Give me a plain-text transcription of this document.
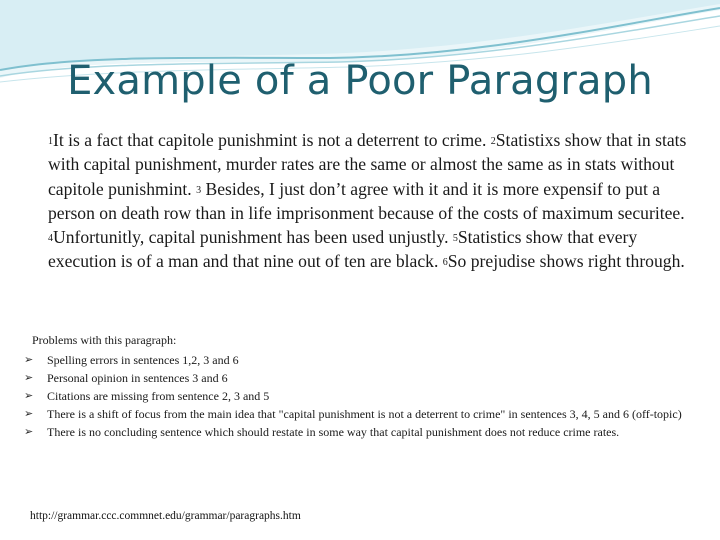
Example of a Poor Paragraph
$^1$It is a fact that capitole punishmint is not a deterrent to crime. $^2$Statistixs show that in stats with capital punishment, murder rates are the same or almost the same as in stats without capitole punishmint. $^3$ Besides, I just don’t agree with it and it is more expensif to put a person on death row than in life imprisonment because of the costs of maximum securitee. $^4$Unfortunitly, capital punishment has been used unjustly. $^5$Statistics show that every execution is of a man and that nine out of ten are black. $^6$So prejudise shows right through.
Problems with this paragraph:
➢ Spelling errors in sentences 1,2, 3 and 6
➢ Personal opinion in sentences 3 and 6
➢ Citations are missing from sentence 2, 3 and 5
➢ There is a shift of focus from the main idea that "capital punishment is not a deterrent to crime" in sentences 3, 4, 5 and 6 (off-topic)
➢ There is no concluding sentence which should restate in some way that capital punishment does not reduce crime rates.
http://grammar.ccc.commnet.edu/grammar/paragraphs.htm
